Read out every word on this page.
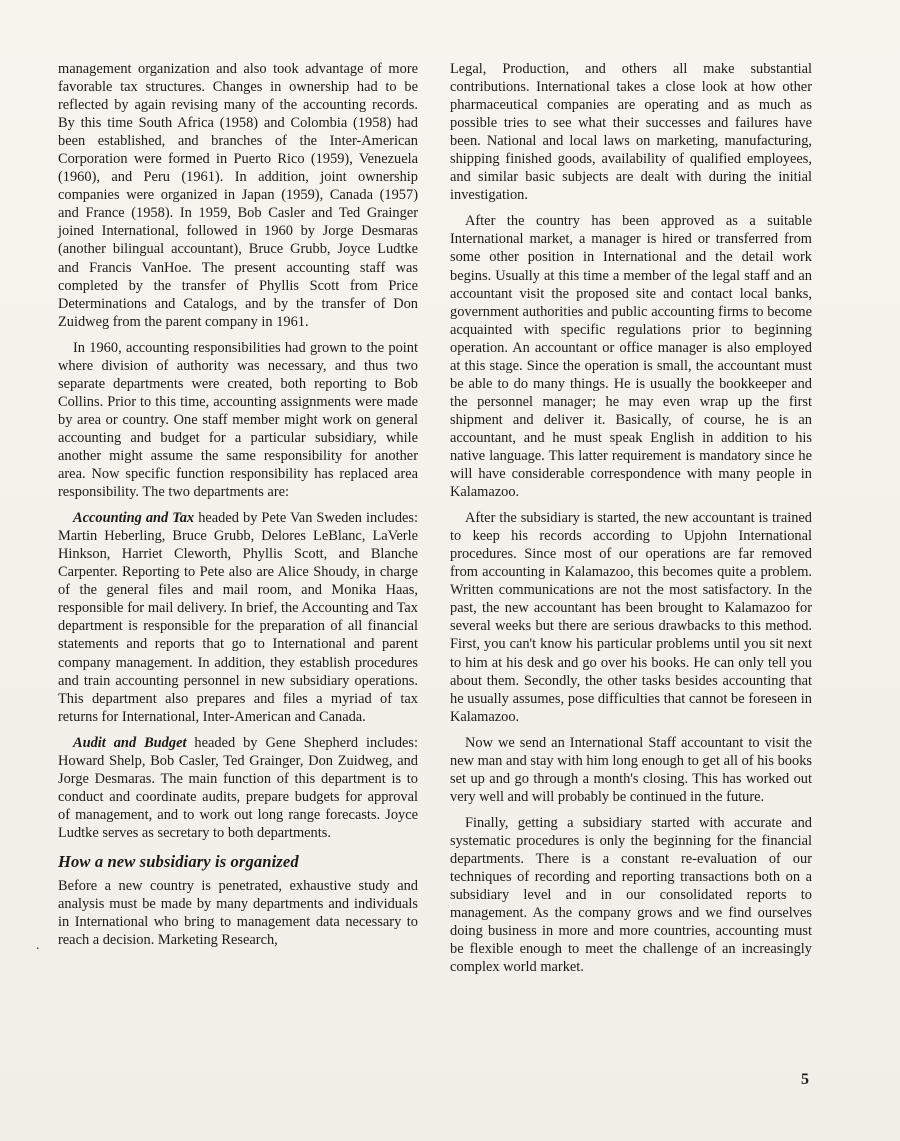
management organization and also took advantage of more favorable tax structures. Changes in ownership had to be reflected by again revising many of the accounting records. By this time South Africa (1958) and Colombia (1958) had been established, and branches of the Inter-American Corporation were formed in Puerto Rico (1959), Venezuela (1960), and Peru (1961). In addition, joint ownership companies were organized in Japan (1959), Canada (1957) and France (1958). In 1959, Bob Casler and Ted Grainger joined International, followed in 1960 by Jorge Desmaras (another bilingual accountant), Bruce Grubb, Joyce Ludtke and Francis VanHoe. The present accounting staff was completed by the transfer of Phyllis Scott from Price Determinations and Catalogs, and by the transfer of Don Zuidweg from the parent company in 1961.

In 1960, accounting responsibilities had grown to the point where division of authority was necessary, and thus two separate departments were created, both reporting to Bob Collins. Prior to this time, accounting assignments were made by area or country. One staff member might work on general accounting and budget for a particular subsidiary, while another might assume the same responsibility for another area. Now specific function responsibility has replaced area responsibility. The two departments are:

Accounting and Tax headed by Pete Van Sweden includes: Martin Heberling, Bruce Grubb, Delores LeBlanc, LaVerle Hinkson, Harriet Cleworth, Phyllis Scott, and Blanche Carpenter. Reporting to Pete also are Alice Shoudy, in charge of the general files and mail room, and Monika Haas, responsible for mail delivery. In brief, the Accounting and Tax department is responsible for the preparation of all financial statements and reports that go to International and parent company management. In addition, they establish procedures and train accounting personnel in new subsidiary operations. This department also prepares and files a myriad of tax returns for International, Inter-American and Canada.

Audit and Budget headed by Gene Shepherd includes: Howard Shelp, Bob Casler, Ted Grainger, Don Zuidweg, and Jorge Desmaras. The main function of this department is to conduct and coordinate audits, prepare budgets for approval of management, and to work out long range forecasts. Joyce Ludtke serves as secretary to both departments.

How a new subsidiary is organized

Before a new country is penetrated, exhaustive study and analysis must be made by many departments and individuals in International who bring to management data necessary to reach a decision. Marketing Research,

Legal, Production, and others all make substantial contributions. International takes a close look at how other pharmaceutical companies are operating and as much as possible tries to see what their successes and failures have been. National and local laws on marketing, manufacturing, shipping finished goods, availability of qualified employees, and similar basic subjects are dealt with during the initial investigation.

After the country has been approved as a suitable International market, a manager is hired or transferred from some other position in International and the detail work begins. Usually at this time a member of the legal staff and an accountant visit the proposed site and contact local banks, government authorities and public accounting firms to become acquainted with specific regulations prior to beginning operation. An accountant or office manager is also employed at this stage. Since the operation is small, the accountant must be able to do many things. He is usually the bookkeeper and the personnel manager; he may even wrap up the first shipment and deliver it. Basically, of course, he is an accountant, and he must speak English in addition to his native language. This latter requirement is mandatory since he will have considerable correspondence with many people in Kalamazoo.

After the subsidiary is started, the new accountant is trained to keep his records according to Upjohn International procedures. Since most of our operations are far removed from accounting in Kalamazoo, this becomes quite a problem. Written communications are not the most satisfactory. In the past, the new accountant has been brought to Kalamazoo for several weeks but there are serious drawbacks to this method. First, you can't know his particular problems until you sit next to him at his desk and go over his books. He can only tell you about them. Secondly, the other tasks besides accounting that he usually assumes, pose difficulties that cannot be foreseen in Kalamazoo.

Now we send an International Staff accountant to visit the new man and stay with him long enough to get all of his books set up and go through a month's closing. This has worked out very well and will probably be continued in the future.

Finally, getting a subsidiary started with accurate and systematic procedures is only the beginning for the financial departments. There is a constant re-evaluation of our techniques of recording and reporting transactions both on a subsidiary level and in our consolidated reports to management. As the company grows and we find ourselves doing business in more and more countries, accounting must be flexible enough to meet the challenge of an increasingly complex world market.

.
5
